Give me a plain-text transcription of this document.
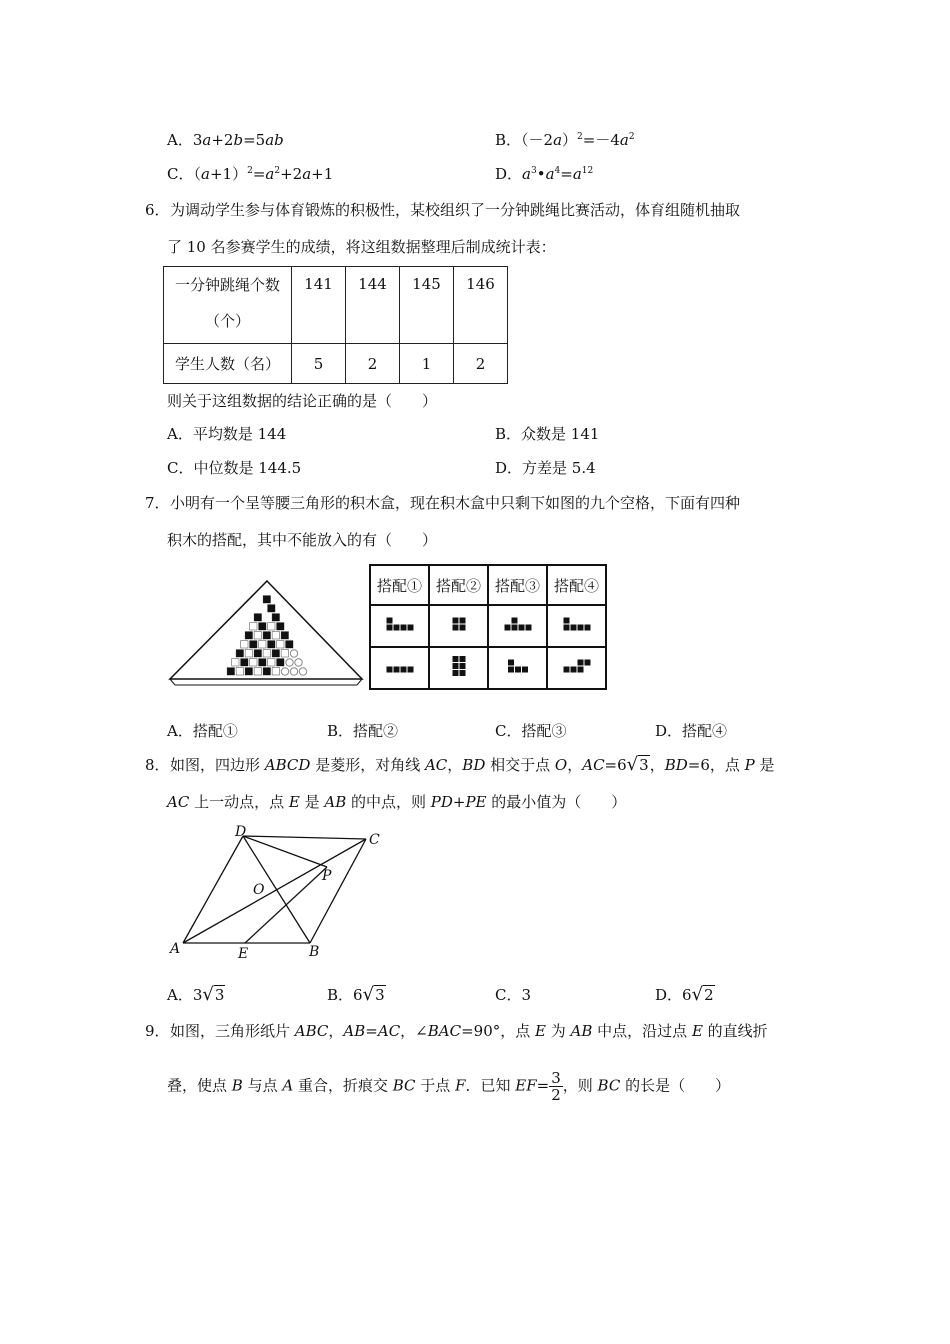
A．3a+2b=5ab	B．$(-2a)^2=-4a^2$
C．$(a+1)^2=a^2+2a+1$	D．$a^3•a^4=a^{12}$
6． 为调动学生参与体育锻炼的积极性，某校组织了一分钟跳绳比赛活动，体育组随机抽取
了 10 名参赛学生的成绩，将这组数据整理后制成统计表：
一分钟跳绳个数
（个）	141	144	145	146
学生人数（名）	5	2	1	2
则关于这组数据的结论正确的是（　　）
A．平均数是 144	B．众数是 141
C．中位数是 144.5	D．方差是 5.4
7． 小明有一个呈等腰三角形的积木盒，现在积木盒中只剩下如图的九个空格，下面有四种
积木的搭配，其中不能放入的有（　　）
搭配①	搭配②	搭配③	搭配④

A．搭配①	B．搭配②	C．搭配③	D．搭配④
8． 如图，四边形 ABCD 是菱形，对角线 AC，BD 相交于点 O，AC=6√3，BD=6，点 P 是
AC 上一动点，点 E 是 AB 的中点，则 PD+PE 的最小值为（　　）
D	C
O
P
A	E	B
A．3√3	B．6√3	C．3	D．6√2
9． 如图，三角形纸片 ABC，AB=AC，∠BAC=90°，点 E 为 AB 中点，沿过点 E 的直线折
叠，使点 B 与点 A 重合，折痕交 BC 于点 F．已知 $EF= \frac{3}{2}$ ，则 BC 的长是（　　）
